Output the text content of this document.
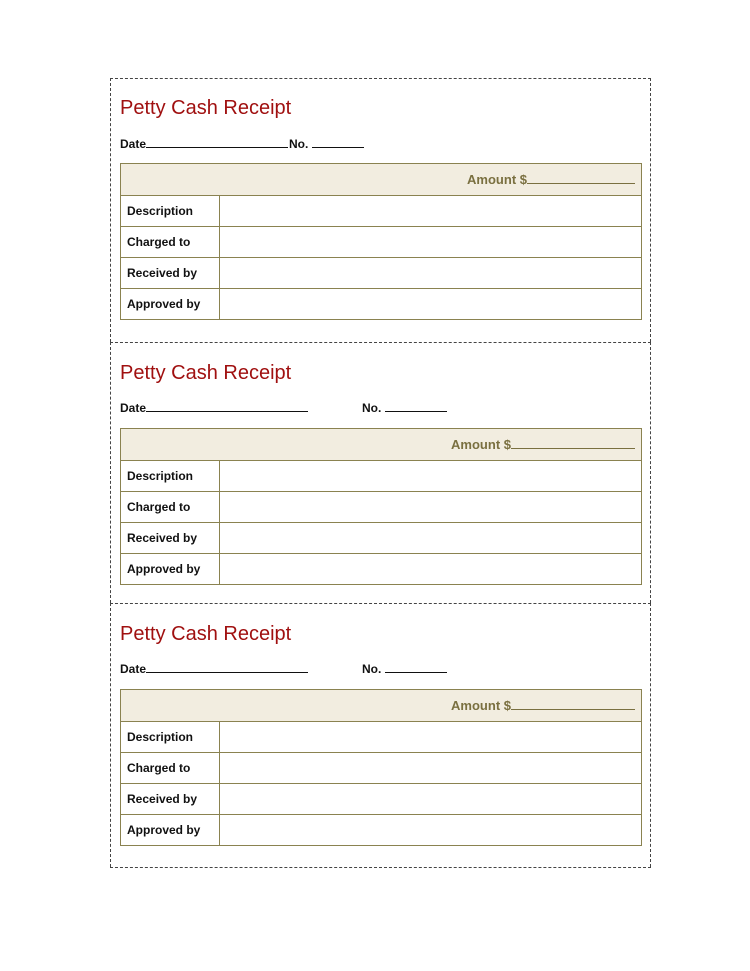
Petty Cash Receipt
Date	No.
Amount $	
Description	
Charged to	
Received by	
Approved by	
Petty Cash Receipt
Date	No.
Amount $	
Description	
Charged to	
Received by	
Approved by	
Petty Cash Receipt
Date	No.
Amount $	
Description	
Charged to	
Received by	
Approved by	
